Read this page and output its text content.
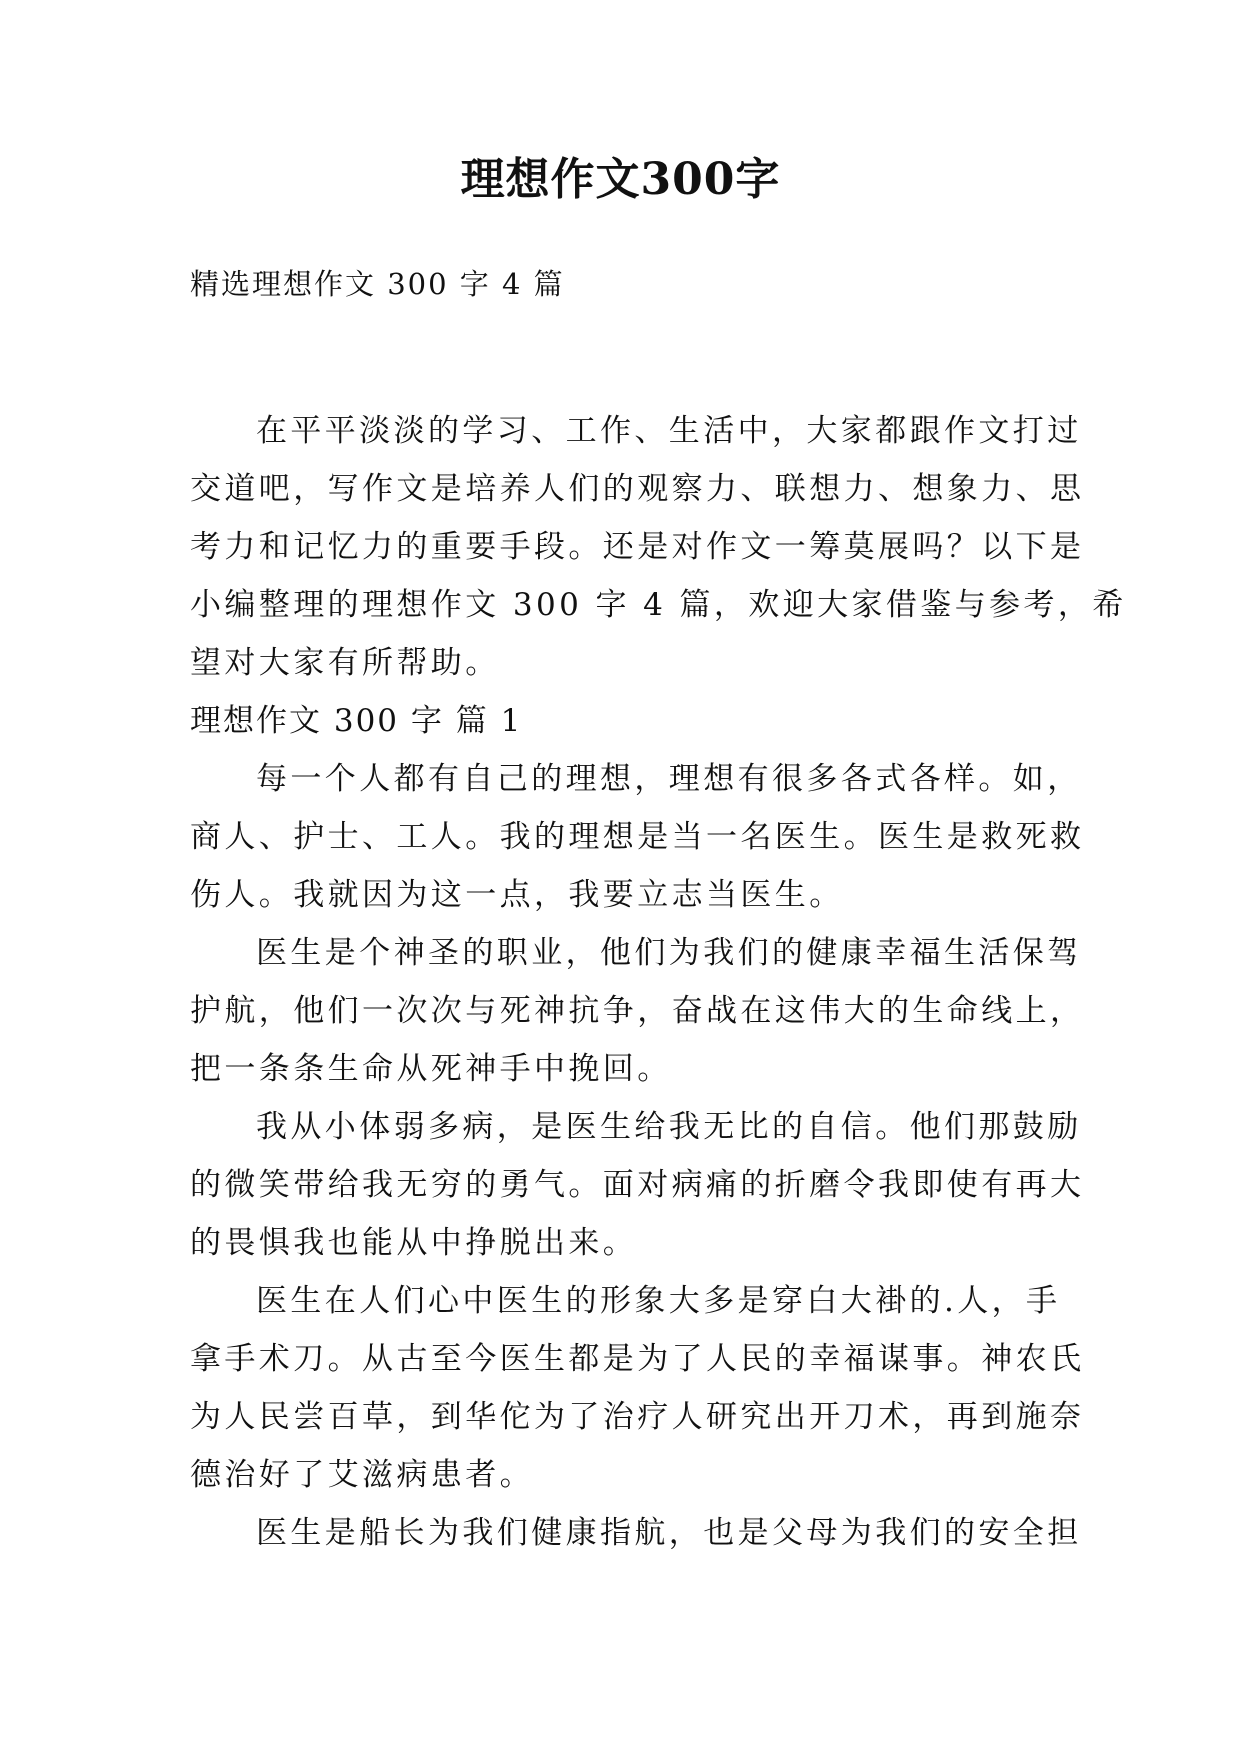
理想作文300字
精选理想作文 300 字 4 篇
在平平淡淡的学习、工作、生活中，大家都跟作文打过
交道吧，写作文是培养人们的观察力、联想力、想象力、思
考力和记忆力的重要手段。还是对作文一筹莫展吗？以下是
小编整理的理想作文 300 字 4 篇，欢迎大家借鉴与参考，希
望对大家有所帮助。
理想作文 300 字 篇 1
每一个人都有自己的理想，理想有很多各式各样。如，
商人、护士、工人。我的理想是当一名医生。医生是救死救
伤人。我就因为这一点，我要立志当医生。
医生是个神圣的职业，他们为我们的健康幸福生活保驾
护航，他们一次次与死神抗争，奋战在这伟大的生命线上，
把一条条生命从死神手中挽回。
我从小体弱多病，是医生给我无比的自信。他们那鼓励
的微笑带给我无穷的勇气。面对病痛的折磨令我即使有再大
的畏惧我也能从中挣脱出来。
医生在人们心中医生的形象大多是穿白大褂的.人，手
拿手术刀。从古至今医生都是为了人民的幸福谋事。神农氏
为人民尝百草，到华佗为了治疗人研究出开刀术，再到施奈
德治好了艾滋病患者。
医生是船长为我们健康指航，也是父母为我们的安全担
